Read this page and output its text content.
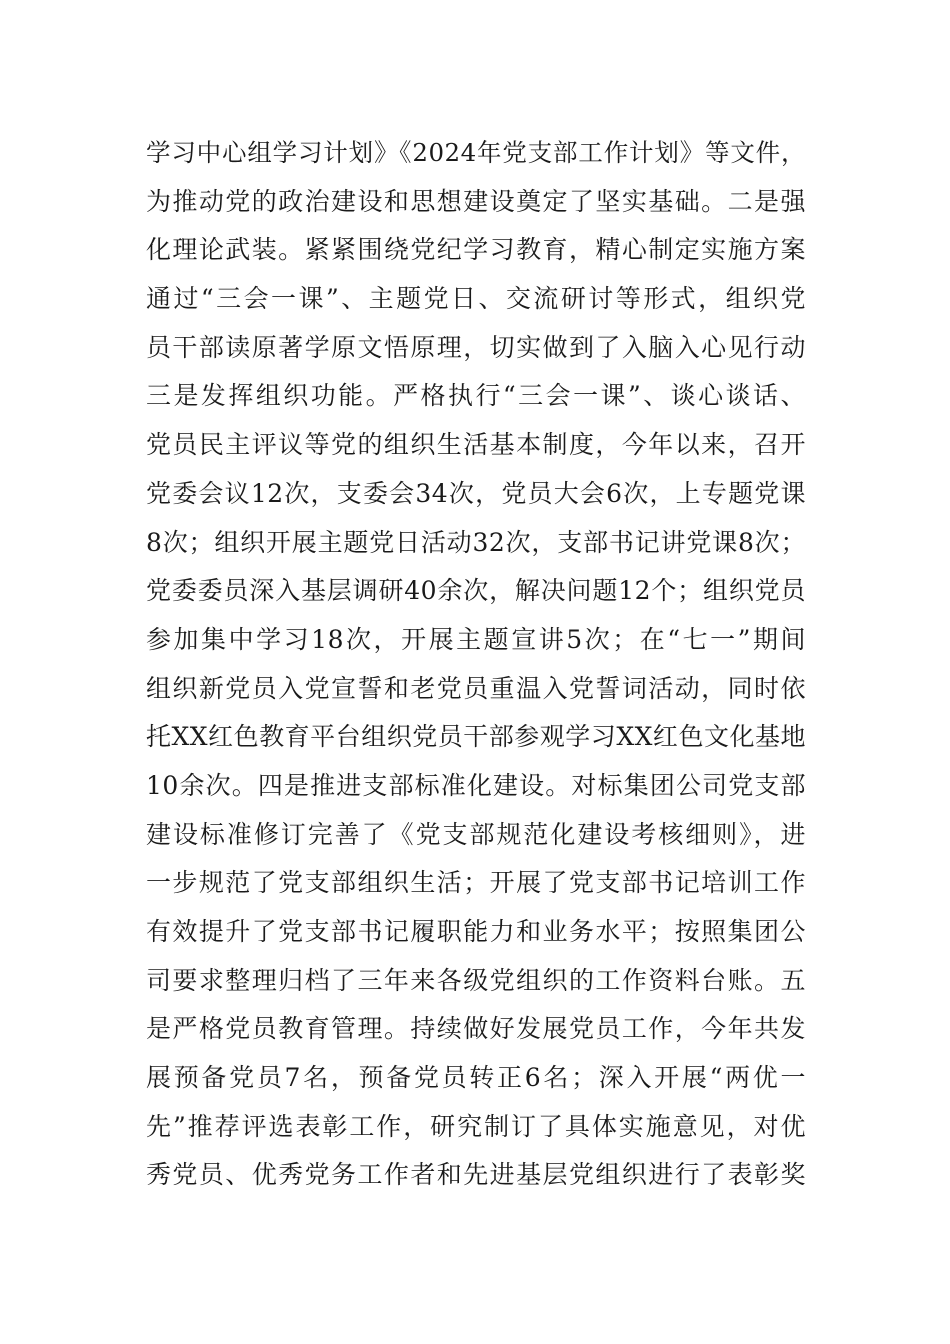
学习中心组学习计划》《2024年党支部工作计划》等文件，
为推动党的政治建设和思想建设奠定了坚实基础。二是强
化理论武装。紧紧围绕党纪学习教育，精心制定实施方案
通过“三会一课”、主题党日、交流研讨等形式，组织党
员干部读原著学原文悟原理，切实做到了入脑入心见行动
三是发挥组织功能。严格执行“三会一课”、谈心谈话、
党员民主评议等党的组织生活基本制度，今年以来，召开
党委会议12次，支委会34次，党员大会6次，上专题党课
8次；组织开展主题党日活动32次，支部书记讲党课8次；
党委委员深入基层调研40余次，解决问题12个；组织党员
参加集中学习18次，开展主题宣讲5次；在“七一”期间
组织新党员入党宣誓和老党员重温入党誓词活动，同时依
托XX红色教育平台组织党员干部参观学习XX红色文化基地
10余次。四是推进支部标准化建设。对标集团公司党支部
建设标准修订完善了《党支部规范化建设考核细则》，进
一步规范了党支部组织生活；开展了党支部书记培训工作
有效提升了党支部书记履职能力和业务水平；按照集团公
司要求整理归档了三年来各级党组织的工作资料台账。五
是严格党员教育管理。持续做好发展党员工作，今年共发
展预备党员7名，预备党员转正6名；深入开展“两优一
先”推荐评选表彰工作，研究制订了具体实施意见，对优
秀党员、优秀党务工作者和先进基层党组织进行了表彰奖
